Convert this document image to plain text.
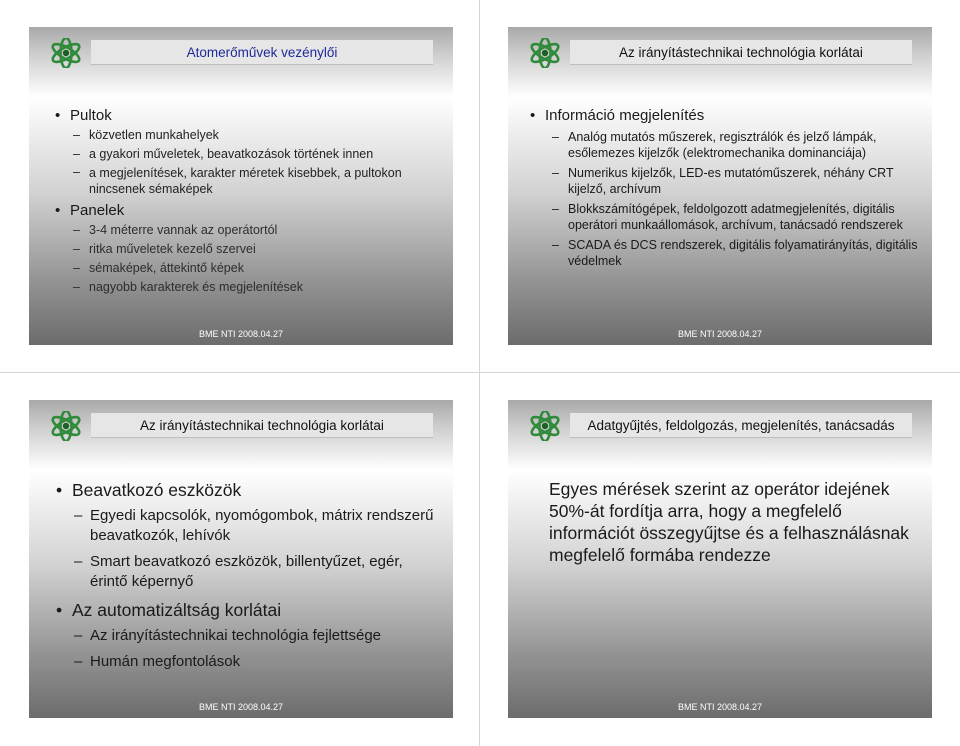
Atomerőművek vezénylői
• Pultok
– közvetlen munkahelyek
– a gyakori műveletek, beavatkozások történek innen
– a megjelenítések, karakter méretek kisebbek, a pultokon nincsenek sémaképek
• Panelek
– 3-4 méterre vannak az operátortól
– ritka műveletek kezelő szervei
– sémaképek, áttekintő képek
– nagyobb karakterek és megjelenítések
BME NTI 2008.04.27
Az irányítástechnikai technológia korlátai
• Információ megjelenítés
– Analóg mutatós műszerek, regisztrálók és jelző lámpák, esőlemezes kijelzők (elektromechanika dominanciája)
– Numerikus kijelzők, LED-es mutatóműszerek, néhány CRT kijelző, archívum
– Blokkszámítógépek, feldolgozott adatmegjelenítés, digitális operátori munkaállomások, archívum, tanácsadó rendszerek
– SCADA és DCS rendszerek, digitális folyamatirányítás, digitális védelmek
BME NTI 2008.04.27
Az irányítástechnikai technológia korlátai
• Beavatkozó eszközök
– Egyedi kapcsolók, nyomógombok, mátrix rendszerű beavatkozók, lehívók
– Smart beavatkozó eszközök, billentyűzet, egér, érintő képernyő
• Az automatizáltság korlátai
– Az irányítástechnikai technológia fejlettsége
– Humán megfontolások
BME NTI 2008.04.27
Adatgyűjtés, feldolgozás, megjelenítés, tanácsadás
Egyes mérések szerint az operátor idejének 50%-át fordítja arra, hogy a megfelelő információt összegyűjtse és a felhasználásnak megfelelő formába rendezze
BME NTI 2008.04.27
